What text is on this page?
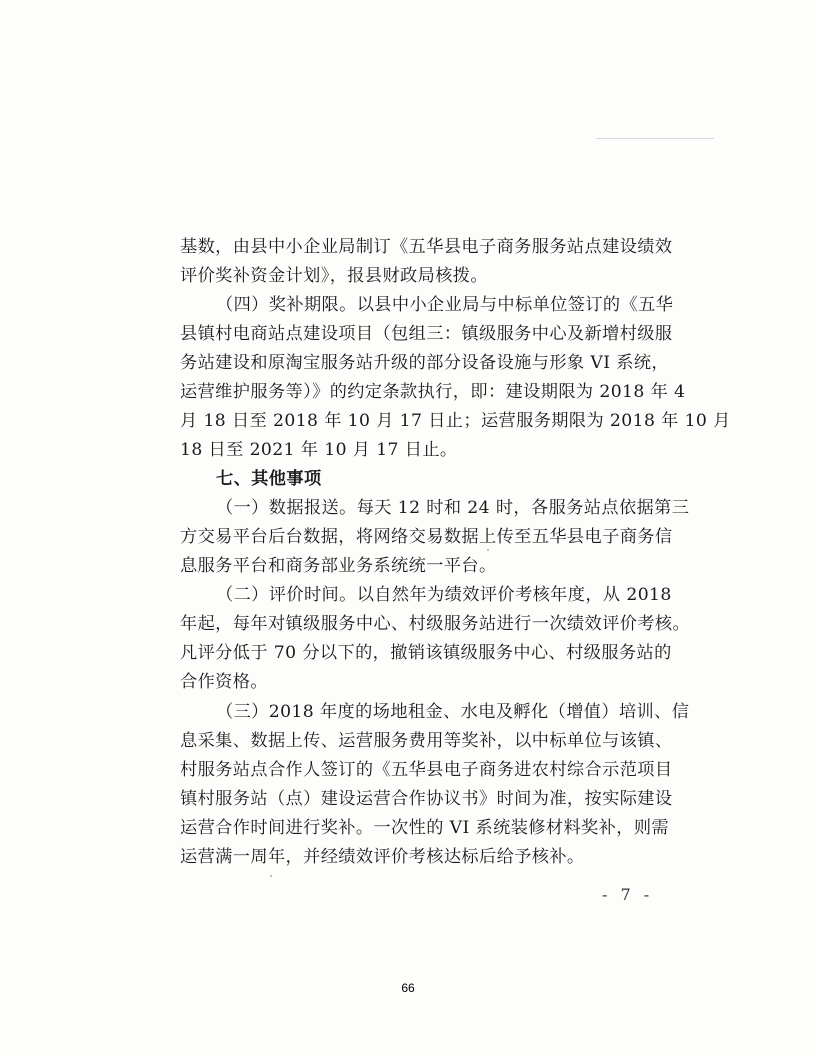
基数，由县中小企业局制订《五华县电子商务服务站点建设绩效
评价奖补资金计划》，报县财政局核拨。
（四）奖补期限。以县中小企业局与中标单位签订的《五华
县镇村电商站点建设项目（包组三：镇级服务中心及新增村级服
务站建设和原淘宝服务站升级的部分设备设施与形象 VI 系统，
运营维护服务等）》的约定条款执行，即：建设期限为 2018 年 4
月 18 日至 2018 年 10 月 17 日止；运营服务期限为 2018 年 10 月
18 日至 2021 年 10 月 17 日止。
七、其他事项
（一）数据报送。每天 12 时和 24 时，各服务站点依据第三
方交易平台后台数据，将网络交易数据上传至五华县电子商务信
息服务平台和商务部业务系统统一平台。
（二）评价时间。以自然年为绩效评价考核年度，从 2018
年起，每年对镇级服务中心、村级服务站进行一次绩效评价考核。
凡评分低于 70 分以下的，撤销该镇级服务中心、村级服务站的
合作资格。
（三）2018 年度的场地租金、水电及孵化（增值）培训、信
息采集、数据上传、运营服务费用等奖补，以中标单位与该镇、
村服务站点合作人签订的《五华县电子商务进农村综合示范项目
镇村服务站（点）建设运营合作协议书》时间为准，按实际建设
运营合作时间进行奖补。一次性的 VI 系统装修材料奖补，则需
运营满一周年，并经绩效评价考核达标后给予核补。
- 7 -
66
